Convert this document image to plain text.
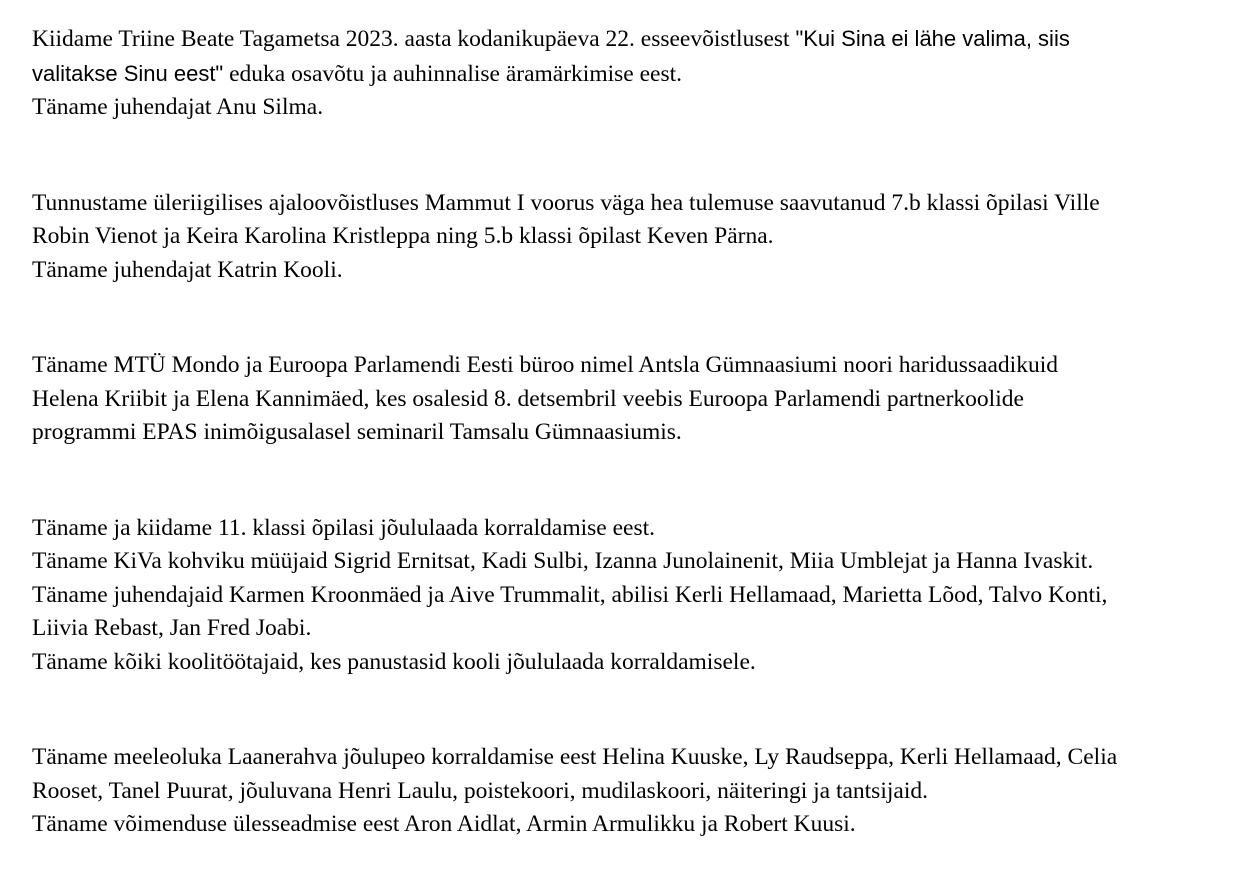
Kiidame Triine Beate Tagametsa 2023. aasta kodanikupäeva 22. esseevõistlusest "Kui Sina ei lähe valima, siis
valitakse Sinu eest" eduka osavõtu ja auhinnalise äramärkimise eest.
Täname juhendajat Anu Silma.

Tunnustame üleriigilises ajaloovõistluses Mammut I voorus väga hea tulemuse saavutanud 7.b klassi õpilasi Ville
Robin Vienot ja Keira Karolina Kristleppa ning 5.b klassi õpilast Keven Pärna.
Täname juhendajat Katrin Kooli.

Täname MTÜ Mondo ja Euroopa Parlamendi Eesti büroo nimel Antsla Gümnaasiumi noori haridussaadikuid
Helena Kriibit ja Elena Kannimäed, kes osalesid 8. detsembril veebis Euroopa Parlamendi partnerkoolide
programmi EPAS inimõigusalasel seminaril Tamsalu Gümnaasiumis.

Täname ja kiidame 11. klassi õpilasi jõululaada korraldamise eest.
Täname KiVa kohviku müüjaid Sigrid Ernitsat, Kadi Sulbi, Izanna Junolainenit, Miia Umblejat ja Hanna Ivaskit.
Täname juhendajaid Karmen Kroonmäed ja Aive Trummalit, abilisi Kerli Hellamaad, Marietta Lõod, Talvo Konti,
Liivia Rebast, Jan Fred Joabi.
Täname kõiki koolitöötajaid, kes panustasid kooli jõululaada korraldamisele.

Täname meeleoluka Laanerahva jõulupeo korraldamise eest Helina Kuuske, Ly Raudseppa, Kerli Hellamaad, Celia
Rooset, Tanel Puurat, jõuluvana Henri Laulu, poistekoori, mudilaskoori, näiteringi ja tantsijaid.
Täname võimenduse ülesseadmise eest Aron Aidlat, Armin Armulikku ja Robert Kuusi.
